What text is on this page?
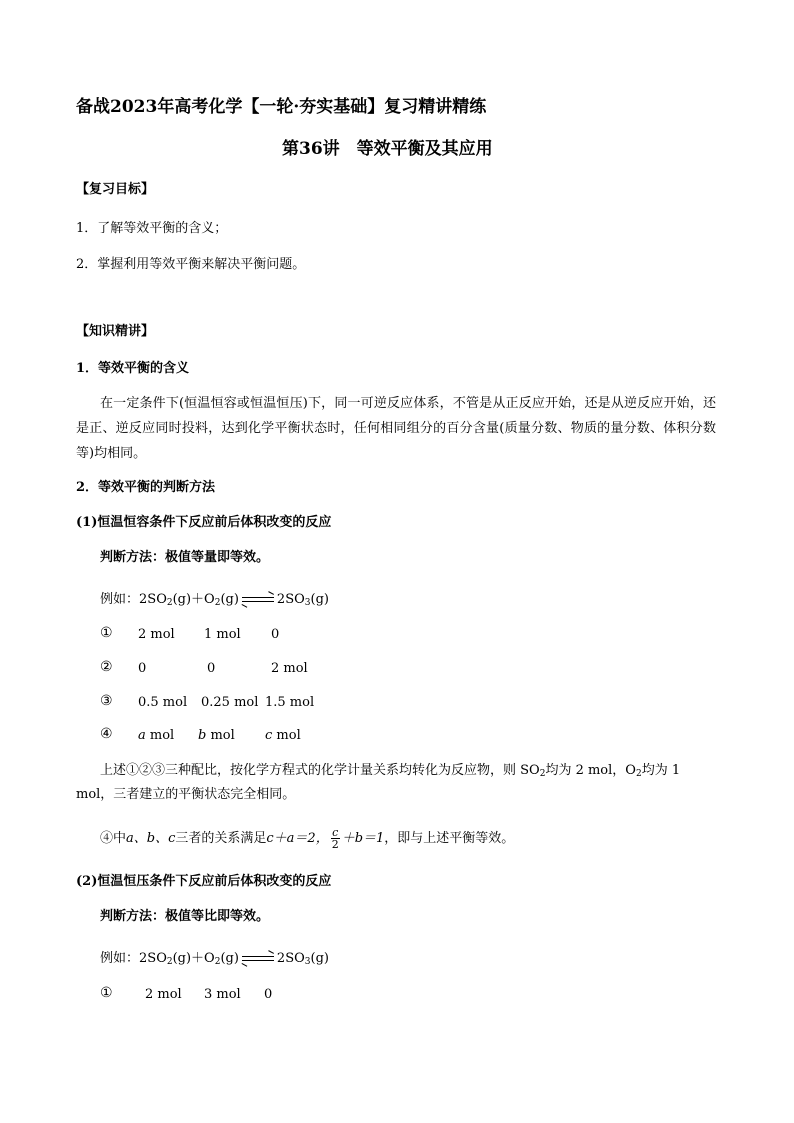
备战2023年高考化学【一轮·夯实基础】复习精讲精练
第36讲　等效平衡及其应用
【复习目标】
1．了解等效平衡的含义；
2．掌握利用等效平衡来解决平衡问题。
【知识精讲】
1．等效平衡的含义
在一定条件下(恒温恒容或恒温恒压)下，同一可逆反应体系，不管是从正反应开始，还是从逆反应开始，还是正、逆反应同时投料，达到化学平衡状态时，任何相同组分的百分含量(质量分数、物质的量分数、体积分数等)均相同。
2．等效平衡的判断方法
(1)恒温恒容条件下反应前后体积改变的反应
判断方法：极值等量即等效。
例如：$2SO_2(g)+O_2(g)$	$2SO_3(g)$
① 2 mol 1 mol 0
② 0	0	2 mol
③ 0.5 mol 0.25 mol 1.5 mol
④ a mol b mol c mol
上述①②③三种配比，按化学方程式的化学计量关系均转化为反应物，则 $SO_2$均为 2 mol，$O_2$均为 1
mol，三者建立的平衡状态完全相同。
④中a、b、c三者的关系满足c＋a＝2， $\frac{c}{2} +b=1$，即与上述平衡等效。
(2)恒温恒压条件下反应前后体积改变的反应
判断方法：极值等比即等效。
例如：$2SO_2(g)+O_2(g)$	$2SO_3(g)$
① 2 mol 3 mol 0
